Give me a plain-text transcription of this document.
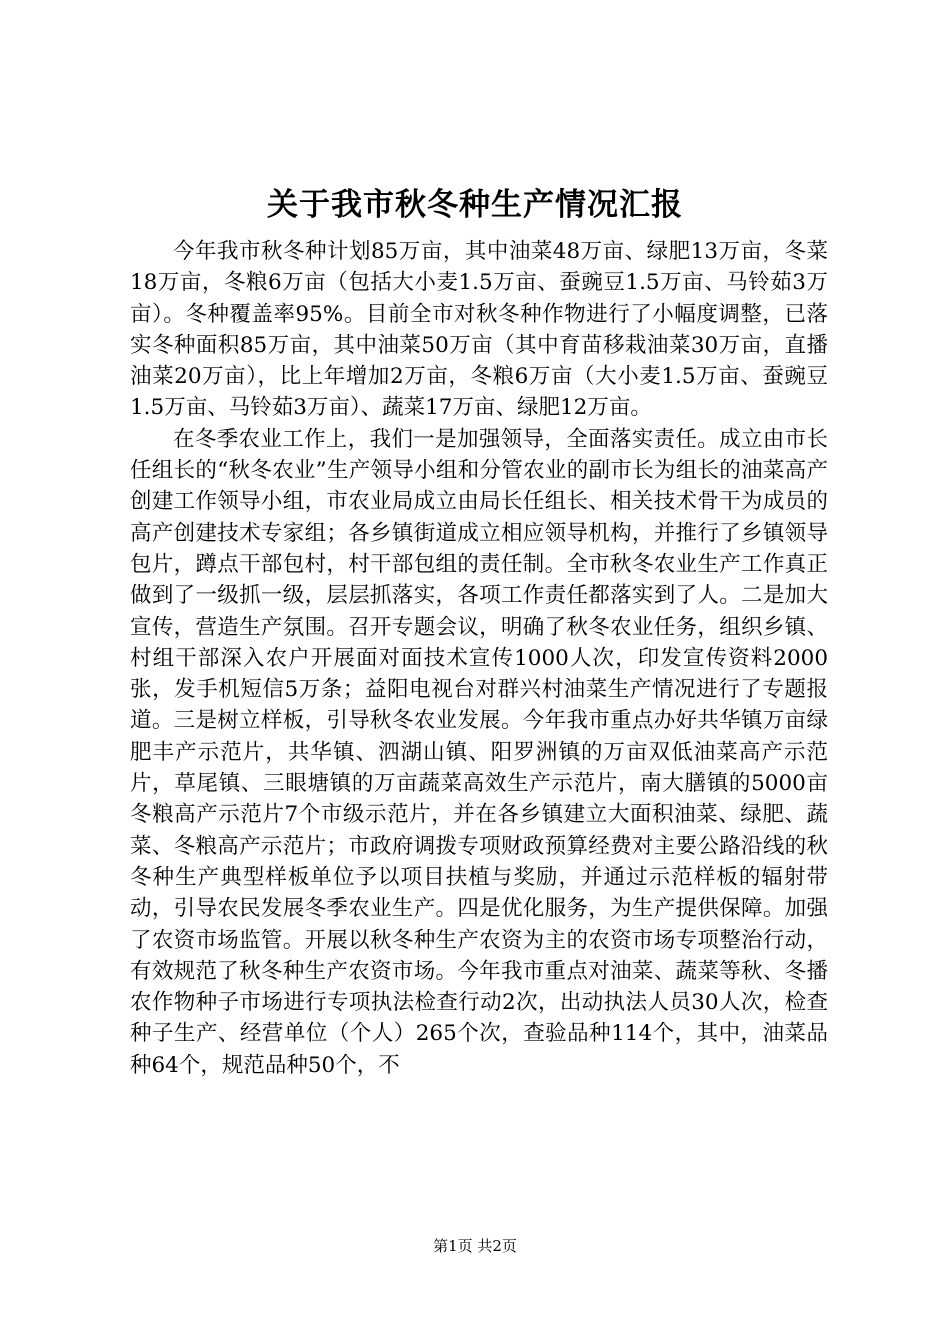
关于我市秋冬种生产情况汇报

今年我市秋冬种计划85万亩，其中油菜48万亩、绿肥13万亩，冬菜18万亩，冬粮6万亩（包括大小麦1.5万亩、蚕豌豆1.5万亩、马铃茹3万亩）。冬种覆盖率95%。目前全市对秋冬种作物进行了小幅度调整，已落实冬种面积85万亩，其中油菜50万亩（其中育苗移栽油菜30万亩，直播油菜20万亩），比上年增加2万亩，冬粮6万亩（大小麦1.5万亩、蚕豌豆1.5万亩、马铃茹3万亩）、蔬菜17万亩、绿肥12万亩。

在冬季农业工作上，我们一是加强领导，全面落实责任。成立由市长任组长的“秋冬农业”生产领导小组和分管农业的副市长为组长的油菜高产创建工作领导小组，市农业局成立由局长任组长、相关技术骨干为成员的高产创建技术专家组；各乡镇街道成立相应领导机构，并推行了乡镇领导包片，蹲点干部包村，村干部包组的责任制。全市秋冬农业生产工作真正做到了一级抓一级，层层抓落实，各项工作责任都落实到了人。二是加大宣传，营造生产氛围。召开专题会议，明确了秋冬农业任务，组织乡镇、村组干部深入农户开展面对面技术宣传1000人次，印发宣传资料2000张，发手机短信5万条；益阳电视台对群兴村油菜生产情况进行了专题报道。三是树立样板，引导秋冬农业发展。今年我市重点办好共华镇万亩绿肥丰产示范片，共华镇、泗湖山镇、阳罗洲镇的万亩双低油菜高产示范片，草尾镇、三眼塘镇的万亩蔬菜高效生产示范片，南大膳镇的5000亩冬粮高产示范片7个市级示范片，并在各乡镇建立大面积油菜、绿肥、蔬菜、冬粮高产示范片；市政府调拨专项财政预算经费对主要公路沿线的秋冬种生产典型样板单位予以项目扶植与奖励，并通过示范样板的辐射带动，引导农民发展冬季农业生产。四是优化服务，为生产提供保障。加强了农资市场监管。开展以秋冬种生产农资为主的农资市场专项整治行动，有效规范了秋冬种生产农资市场。今年我市重点对油菜、蔬菜等秋、冬播农作物种子市场进行专项执法检查行动2次，出动执法人员30人次，检查种子生产、经营单位（个人）265个次，查验品种114个，其中，油菜品种64个，规范品种50个，不

第1页 共2页
